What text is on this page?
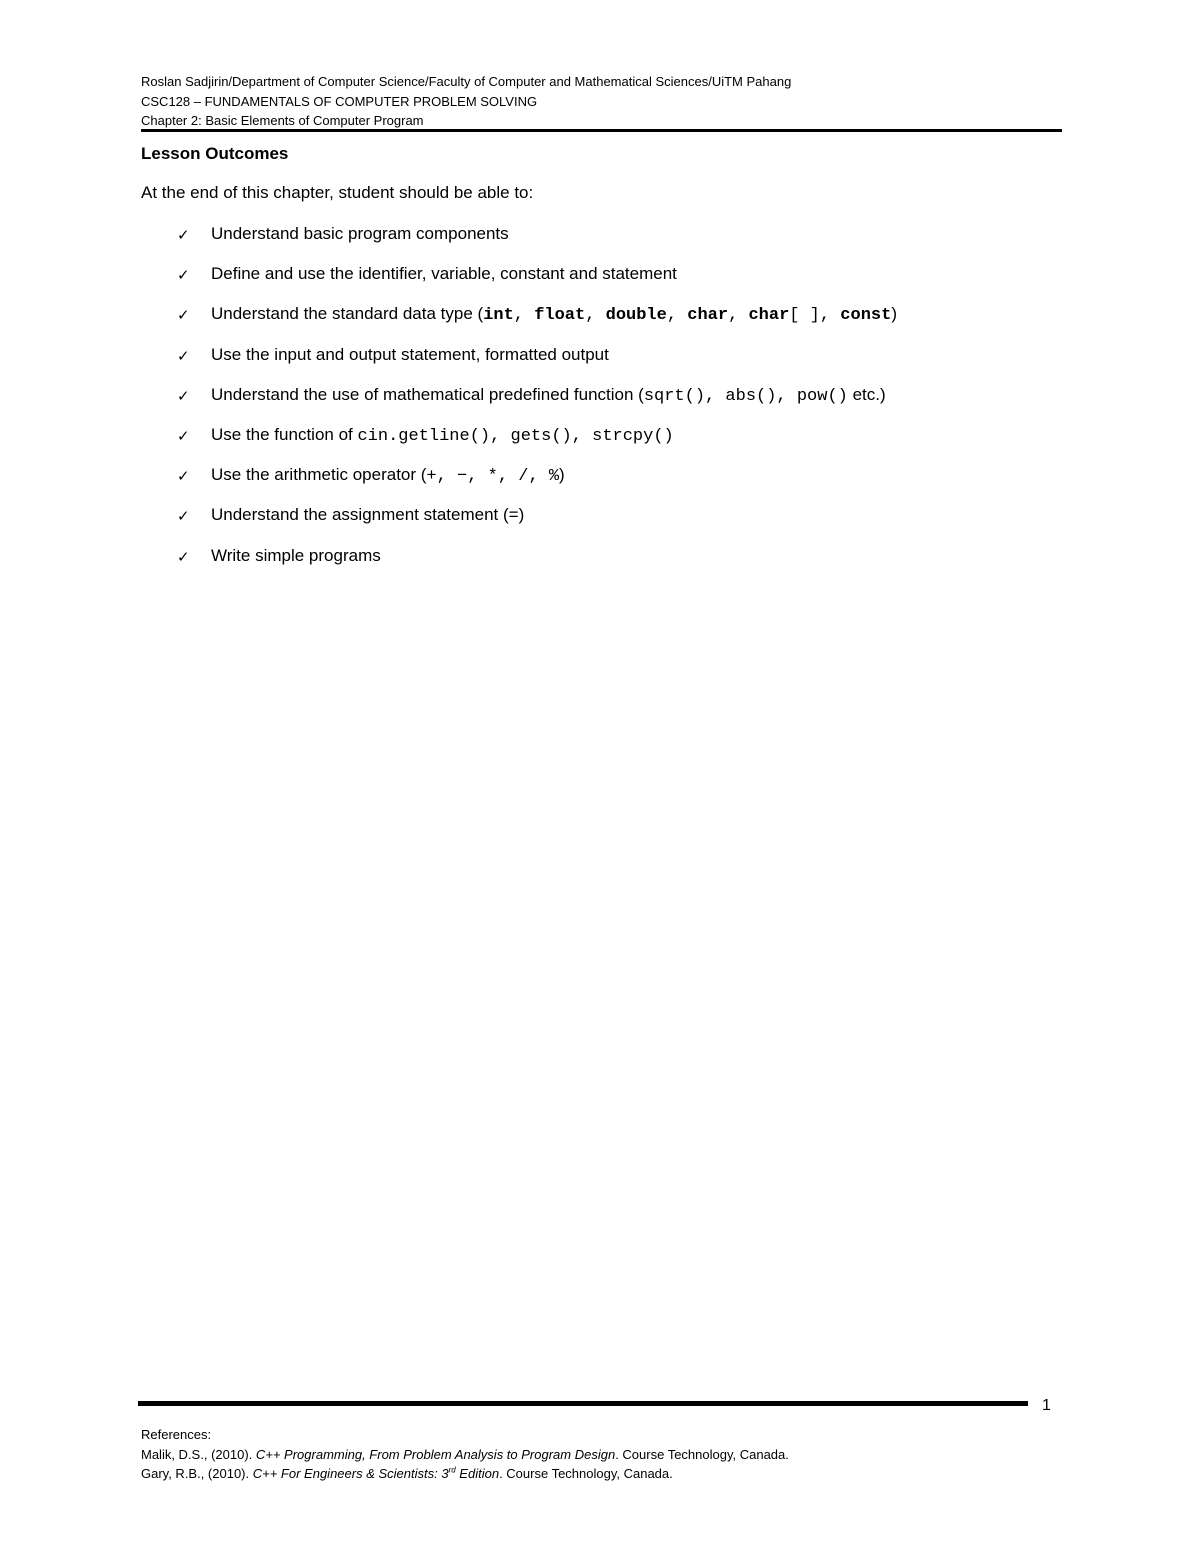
Roslan Sadjirin/Department of Computer Science/Faculty of Computer and Mathematical Sciences/UiTM Pahang
CSC128 – FUNDAMENTALS OF COMPUTER PROBLEM SOLVING
Chapter 2: Basic Elements of Computer Program
Lesson Outcomes
At the end of this chapter, student should be able to:
✓ Understand basic program components
✓ Define and use the identifier, variable, constant and statement
✓ Understand the standard data type (int, float, double, char, char[ ], const)
✓ Use the input and output statement, formatted output
✓ Understand the use of mathematical predefined function (sqrt(), abs(), pow() etc.)
✓ Use the function of cin.getline(), gets(), strcpy()
✓ Use the arithmetic operator (+, −, *, /, %)
✓ Understand the assignment statement (=)
✓ Write simple programs
1
References:
Malik, D.S., (2010). C++ Programming, From Problem Analysis to Program Design. Course Technology, Canada.
Gary, R.B., (2010). C++ For Engineers & Scientists: 3rd Edition. Course Technology, Canada.
